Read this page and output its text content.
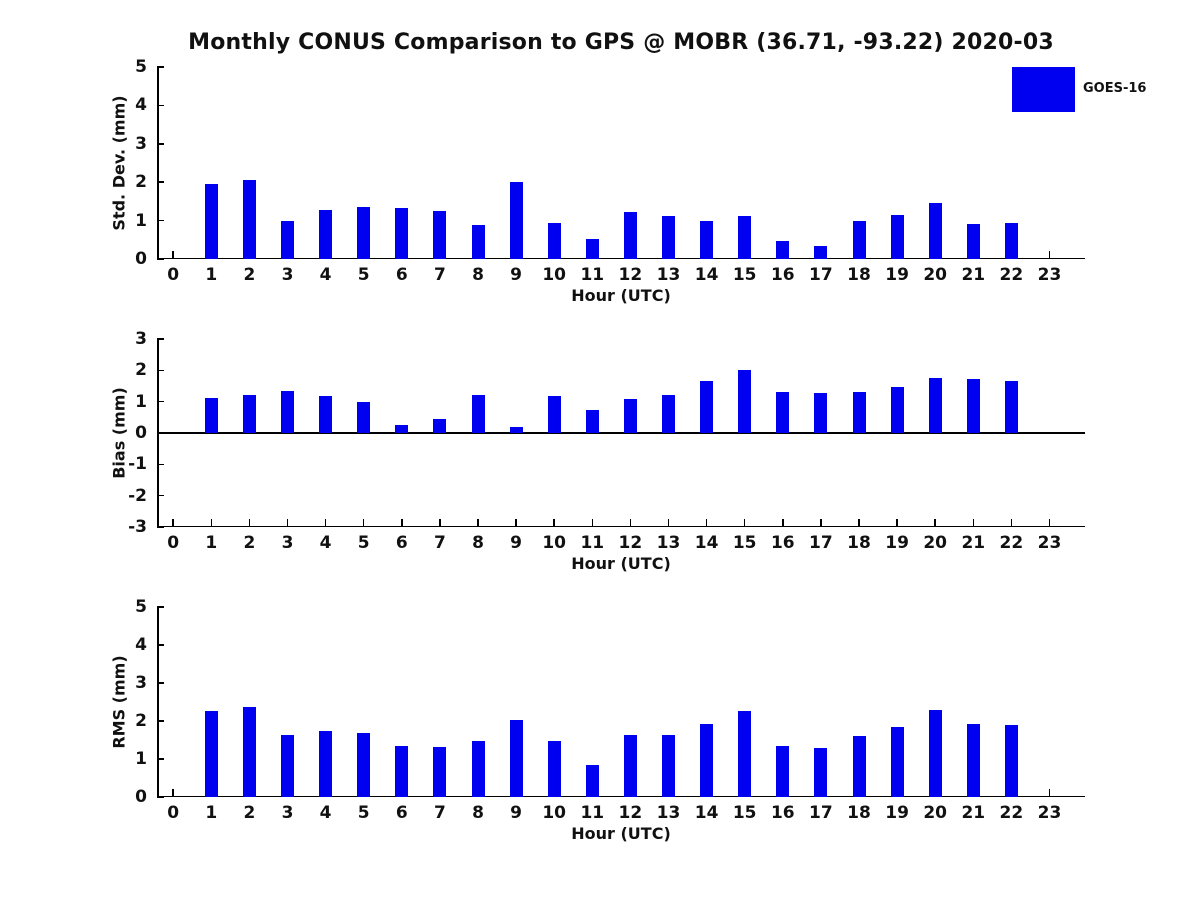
Monthly CONUS Comparison to GPS @ MOBR (36.71, -93.22) 2020-03
GOES-16
Std. Dev. (mm)
Hour (UTC)
0
1
2
3
4
5
0	1	2	3	4	5	6	7	8	9	10 11 12 13 14 15 16 17 18 19 20 21 22 23
Bias (mm)
Hour (UTC)
-3
-2
-1
0
1
2
3
0	1	2	3	4	5	6	7	8	9	10 11 12 13 14 15 16 17 18 19 20 21 22 23
RMS (mm)
Hour (UTC)
0
1
2
3
4
5
0	1	2	3	4	5	6	7	8	9	10 11 12 13 14 15 16 17 18 19 20 21 22 23
